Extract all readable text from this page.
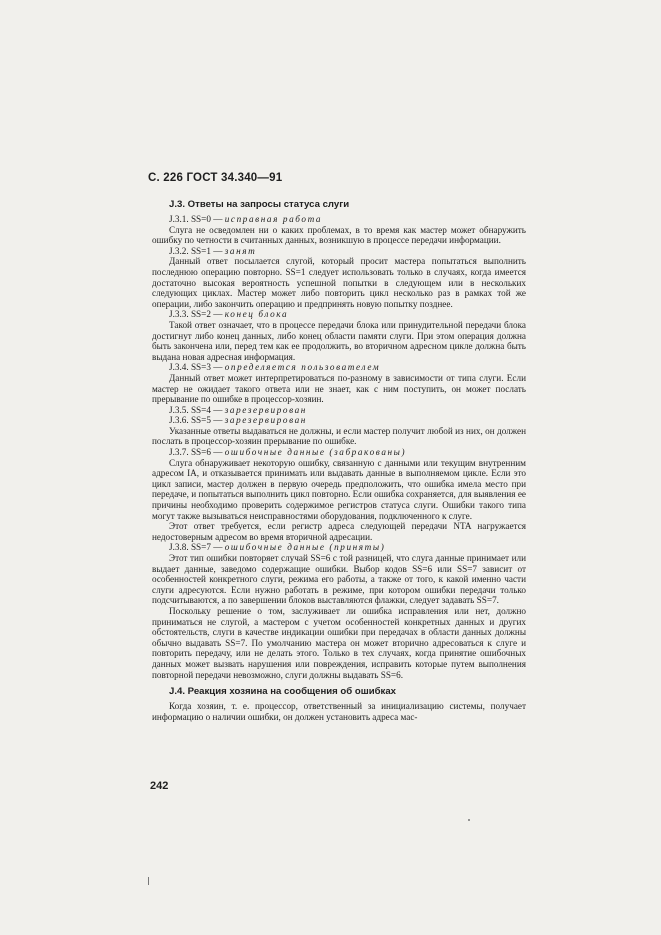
С. 226 ГОСТ 34.340—91
J.3. Ответы на запросы статуса слуги
J.3.1. SS=0 — исправная работа

Слуга не осведомлен ни о каких проблемах, в то время как мастер может обнаружить ошибку по четности в считанных данных, возникшую в процессе передачи информации.

J.3.2. SS=1 — занят

Данный ответ посылается слугой, который просит мастера попытаться выполнить последнюю операцию повторно. SS=1 следует использовать только в случаях, когда имеется достаточно высокая вероятность успешной попытки в следующем или в нескольких следующих циклах. Мастер может либо повторить цикл несколько раз в рамках той же операции, либо закончить операцию и предпринять новую попытку позднее.

J.3.3. SS=2 — конец блока

Такой ответ означает, что в процессе передачи блока или принудительной передачи блока достигнут либо конец данных, либо конец области памяти слуги. При этом операция должна быть закончена или, перед тем как ее продолжить, во вторичном адресном цикле должна быть выдана новая адресная информация.

J.3.4. SS=3 — определяется пользователем

Данный ответ может интерпретироваться по-разному в зависимости от типа слуги. Если мастер не ожидает такого ответа или не знает, как с ним поступить, он может послать прерывание по ошибке в процессор-хозяин.

J.3.5. SS=4 — зарезервирован
J.3.6. SS=5 — зарезервирован

Указанные ответы выдаваться не должны, и если мастер получит любой из них, он должен послать в процессор-хозяин прерывание по ошибке.

J.3.7. SS=6 — ошибочные данные (забракованы)

Слуга обнаруживает некоторую ошибку, связанную с данными или текущим внутренним адресом IA, и отказывается принимать или выдавать данные в выполняемом цикле. Если это цикл записи, мастер должен в первую очередь предположить, что ошибка имела место при передаче, и попытаться выполнить цикл повторно. Если ошибка сохраняется, для выявления ее причины необходимо проверить содержимое регистров статуса слуги. Ошибки такого типа могут также вызываться неисправностями оборудования, подключенного к слуге.

Этот ответ требуется, если регистр адреса следующей передачи NTA нагружается недостоверным адресом во время вторичной адресации.

J.3.8. SS=7 — ошибочные данные (приняты)

Этот тип ошибки повторяет случай SS=6 с той разницей, что слуга данные принимает или выдает данные, заведомо содержащие ошибки. Выбор кодов SS=6 или SS=7 зависит от особенностей конкретного слуги, режима его работы, а также от того, к какой именно части слуги адресуются. Если нужно работать в режиме, при котором ошибки передачи только подсчитываются, а по завершении блоков выставляются флажки, следует задавать SS=7.

Поскольку решение о том, заслуживает ли ошибка исправления или нет, должно приниматься не слугой, а мастером с учетом особенностей конкретных данных и других обстоятельств, слуги в качестве индикации ошибки при передачах в области данных должны обычно выдавать SS=7. По умолчанию мастера он может вторично адресоваться к слуге и повторить передачу, или не делать этого. Только в тех случаях, когда принятие ошибочных данных может вызвать нарушения или повреждения, исправить которые путем выполнения повторной передачи невозможно, слуги должны выдавать SS=6.

J.4. Реакция хозяина на сообщения об ошибках

Когда хозяин, т. е. процессор, ответственный за инициализацию системы, получает информацию о наличии ошибки, он должен установить адреса мас-

242
